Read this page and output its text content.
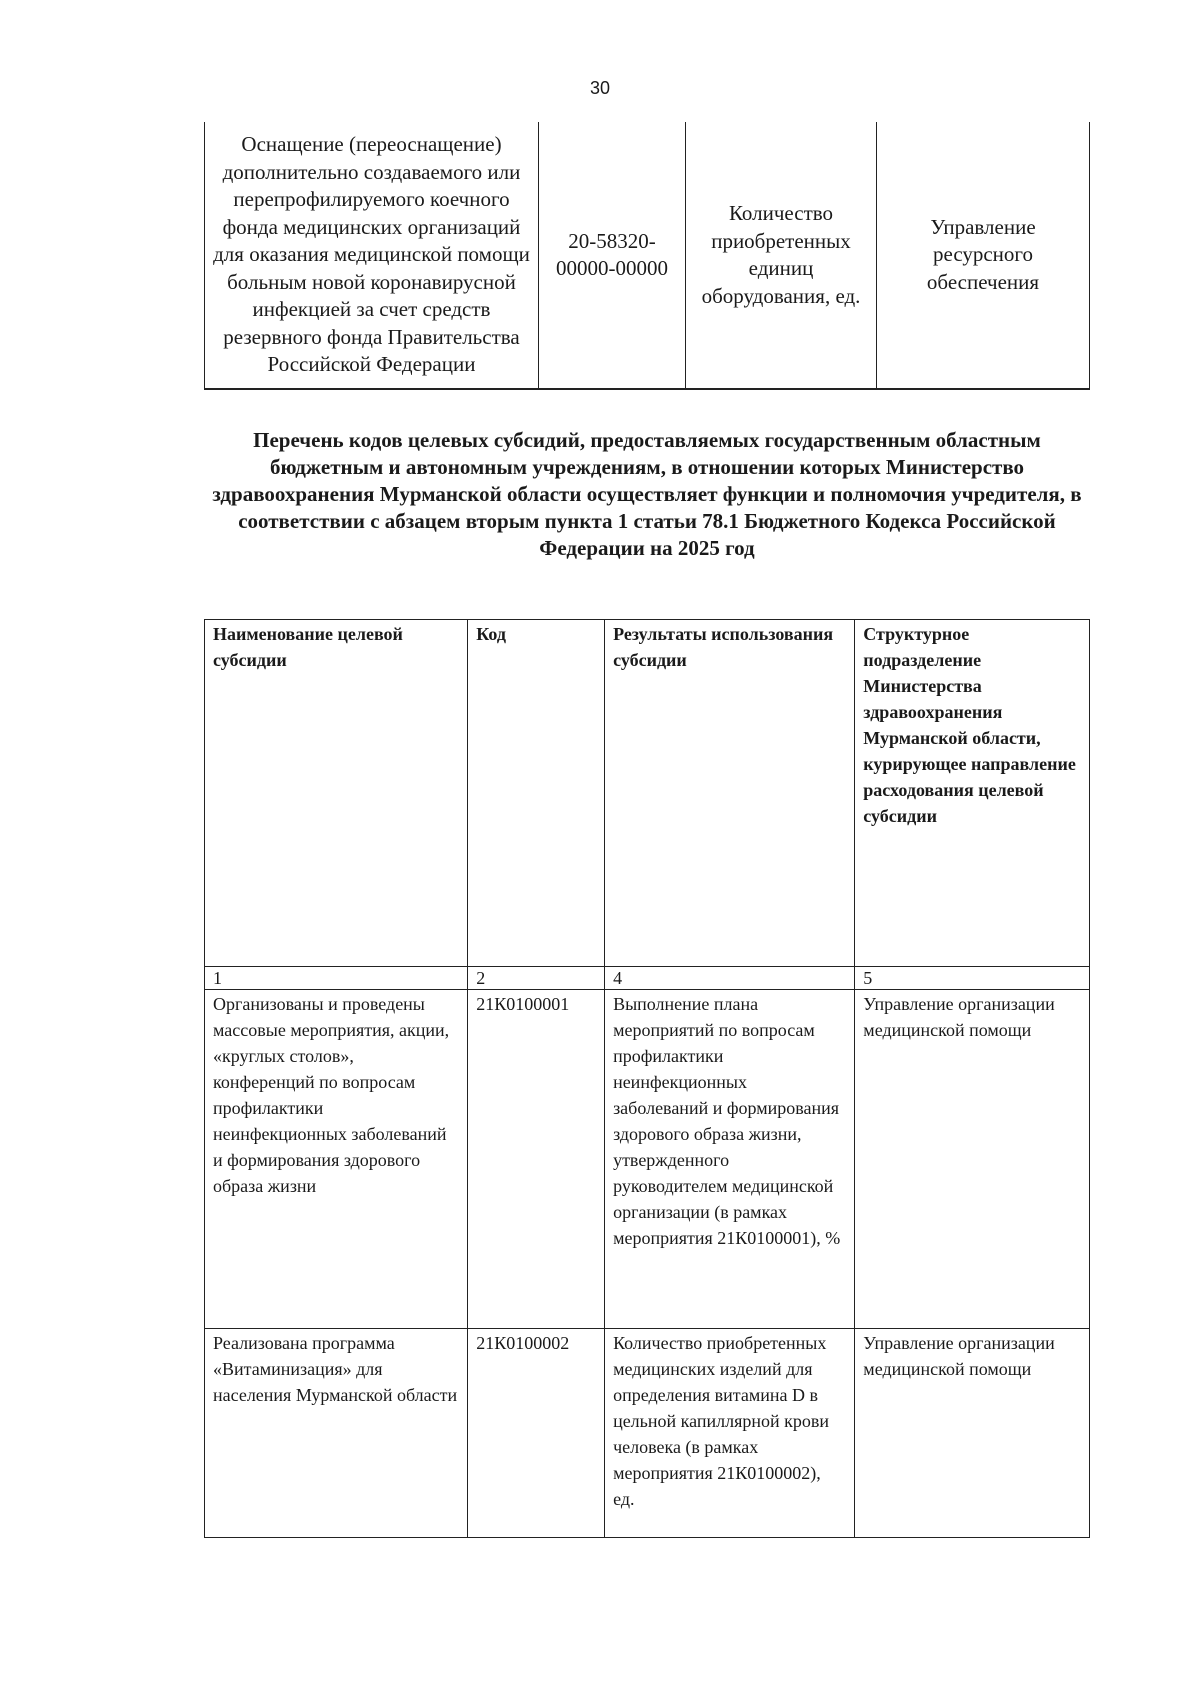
30
Оснащение (переоснащение) дополнительно создаваемого или перепрофилируемого коечного фонда медицинских организаций для оказания медицинской помощи больным новой коронавирусной инфекцией за счет средств резервного фонда Правительства Российской Федерации	20-58320-00000-00000	Количество приобретенных единиц оборудования, ед.	Управление ресурсного обеспечения
Перечень кодов целевых субсидий, предоставляемых государственным областным бюджетным и автономным учреждениям, в отношении которых Министерство здравоохранения Мурманской области осуществляет функции и полномочия учредителя, в соответствии с абзацем вторым пункта 1 статьи 78.1 Бюджетного Кодекса Российской Федерации на 2025 год
Наименование целевой субсидии	Код	Результаты использования субсидии	Структурное подразделение Министерства здравоохранения Мурманской области, курирующее направление расходования целевой субсидии
1	2	4	5
Организованы и проведены массовые мероприятия, акции, «круглых столов», конференций по вопросам профилактики неинфекционных заболеваний и формирования здорового образа жизни	21К0100001	Выполнение плана мероприятий по вопросам профилактики неинфекционных заболеваний и формирования здорового образа жизни, утвержденного руководителем медицинской организации (в рамках мероприятия 21К0100001), %	Управление организации медицинской помощи
Реализована программа «Витаминизация» для населения Мурманской области	21К0100002	Количество приобретенных медицинских изделий для определения витамина D в цельной капиллярной крови человека (в рамках мероприятия 21К0100002), ед.	Управление организации медицинской помощи
